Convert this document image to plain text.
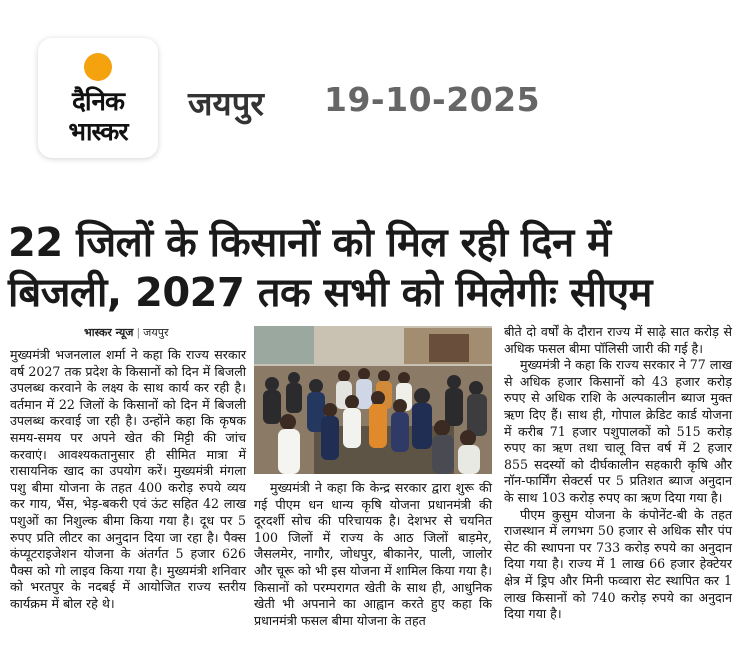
दैनिक
भास्कर
जयपुर 19-10-2025
22 जिलों के किसानों को मिल रही दिन में बिजली, 2027 तक सभी को मिलेगीः सीएम
भास्कर न्यूज | जयपुर

मुख्यमंत्री भजनलाल शर्मा ने कहा कि राज्य सरकार वर्ष 2027 तक प्रदेश के किसानों को दिन में बिजली उपलब्ध करवाने के लक्ष्य के साथ कार्य कर रही है। वर्तमान में 22 जिलों के किसानों को दिन में बिजली उपलब्ध करवाई जा रही है। उन्होंने कहा कि कृषक समय-समय पर अपने खेत की मिट्टी की जांच करवाएं। आवश्यकतानुसार ही सीमित मात्रा में रासायनिक खाद का उपयोग करें। मुख्यमंत्री मंगला पशु बीमा योजना के तहत 400 करोड़ रुपये व्यय कर गाय, भैंस, भेड़-बकरी एवं ऊंट सहित 42 लाख पशुओं का निशुल्क बीमा किया गया है। दूध पर 5 रुपए प्रति लीटर का अनुदान दिया जा रहा है। पैक्स कंप्यूटराइजेशन योजना के अंतर्गत 5 हजार 626 पैक्स को गो लाइव किया गया है। मुख्यमंत्री शनिवार को भरतपुर के नदबई में आयोजित राज्य स्तरीय कार्यक्रम में बोल रहे थे।

मुख्यमंत्री ने कहा कि केन्द्र सरकार द्वारा शुरू की गई पीएम धन धान्य कृषि योजना प्रधानमंत्री की दूरदर्शी सोच की परिचायक है। देशभर से चयनित 100 जिलों में राज्य के आठ जिलों बाड़मेर, जैसलमेर, नागौर, जोधपुर, बीकानेर, पाली, जालोर और चूरू को भी इस योजना में शामिल किया गया है। किसानों को परम्परागत खेती के साथ ही, आधुनिक खेती भी अपनाने का आह्वान करते हुए कहा कि प्रधानमंत्री फसल बीमा योजना के तहत

बीते दो वर्षों के दौरान राज्य में साढ़े सात करोड़ से अधिक फसल बीमा पॉलिसी जारी की गई है।

मुख्यमंत्री ने कहा कि राज्य सरकार ने 77 लाख से अधिक हजार किसानों को 43 हजार करोड़ रुपए से अधिक राशि के अल्पकालीन ब्याज मुक्त ऋण दिए हैं। साथ ही, गोपाल क्रेडिट कार्ड योजना में करीब 71 हजार पशुपालकों को 515 करोड़ रुपए का ऋण तथा चालू वित्त वर्ष में 2 हजार 855 सदस्यों को दीर्घकालीन सहकारी कृषि और नॉन-फार्मिंग सेक्टर्स पर 5 प्रतिशत ब्याज अनुदान के साथ 103 करोड़ रुपए का ऋण दिया गया है।

पीएम कुसुम योजना के कंपोनेंट-बी के तहत राजस्थान में लगभग 50 हजार से अधिक सौर पंप सेट की स्थापना पर 733 करोड़ रुपये का अनुदान दिया गया है। राज्य में 1 लाख 66 हजार हेक्टेयर क्षेत्र में ड्रिप और मिनी फव्वारा सेट स्थापित कर 1 लाख किसानों को 740 करोड़ रुपये का अनुदान दिया गया है।
